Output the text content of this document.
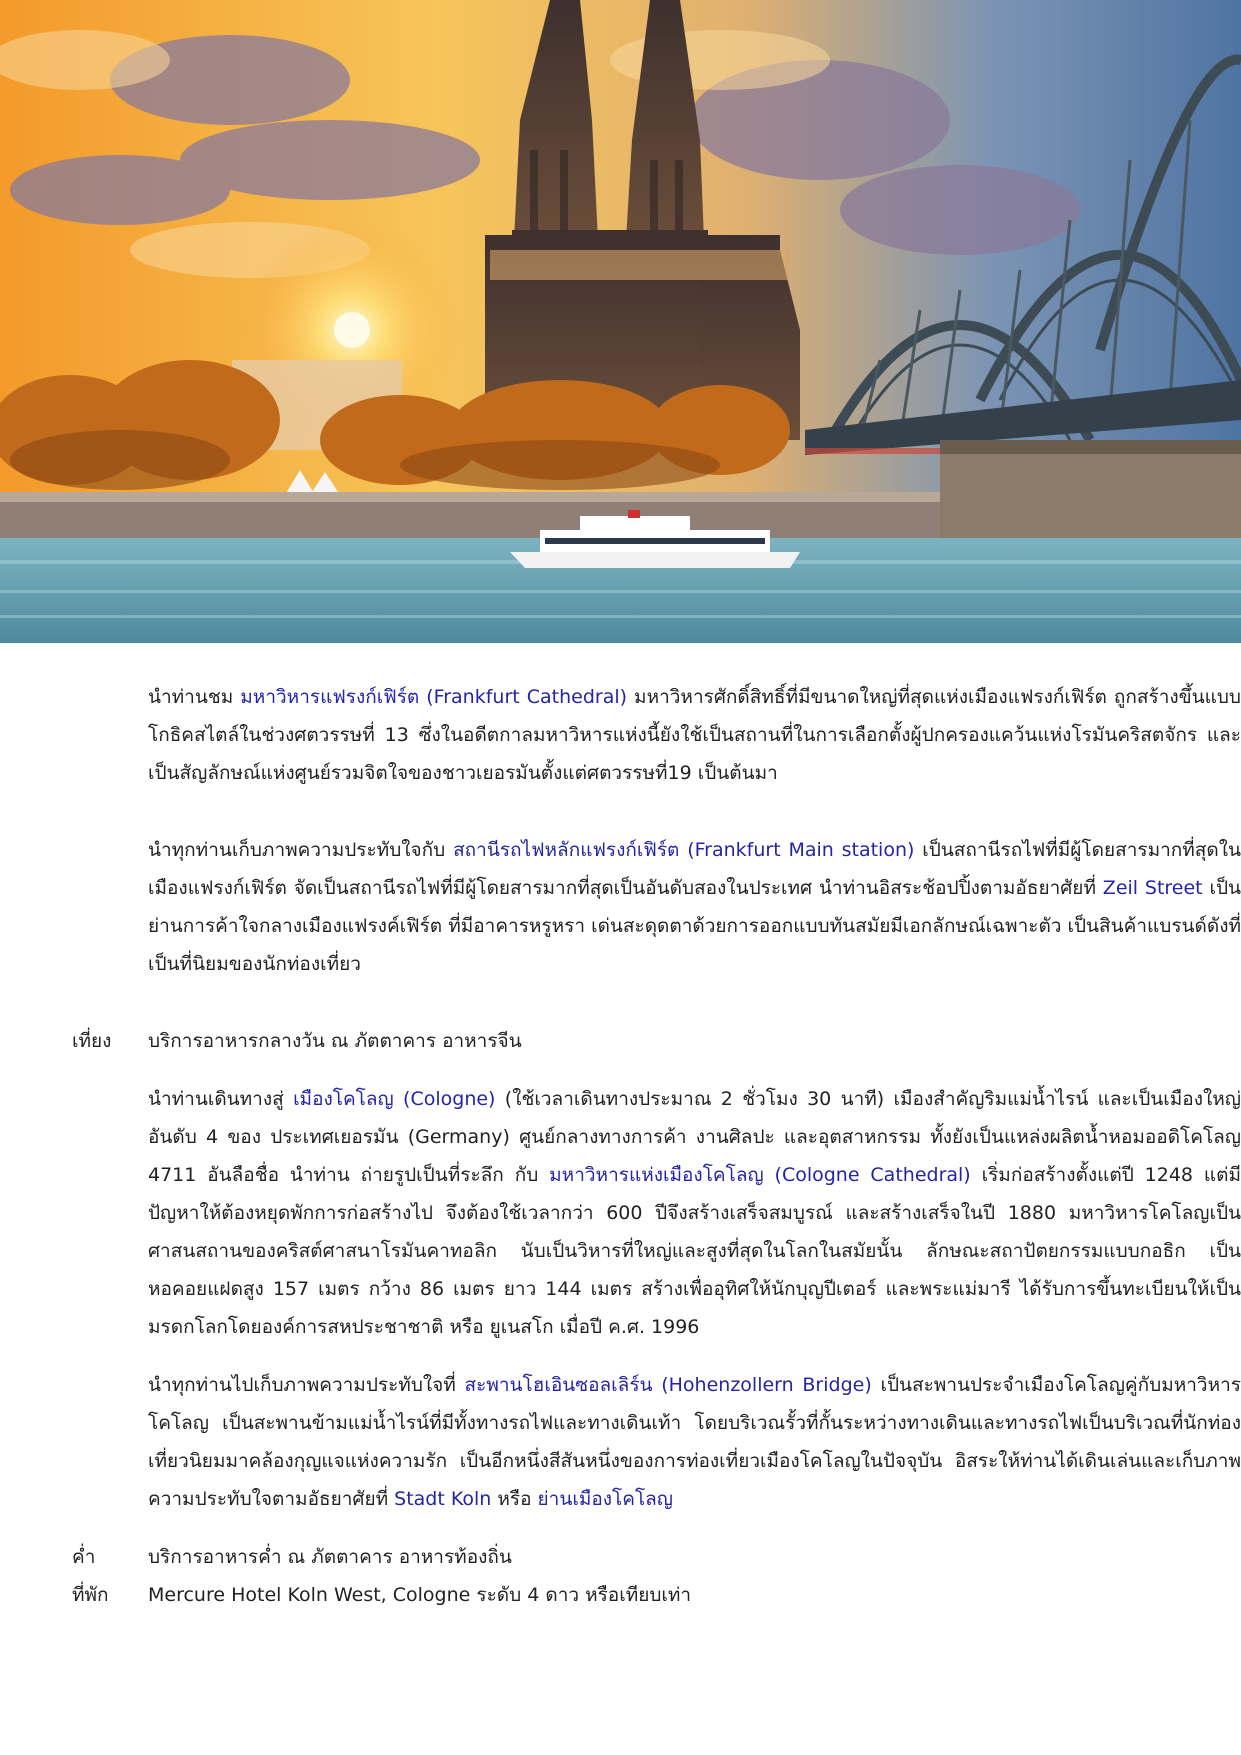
นำท่านชม มหาวิหารแฟรงก์เฟิร์ต (Frankfurt Cathedral) มหาวิหารศักดิ์สิทธิ์ที่มีขนาดใหญ่ที่สุดแห่งเมืองแฟรงก์เฟิร์ต ถูกสร้างขึ้นแบบโกธิคสไตล์ในช่วงศตวรรษที่ 13 ซึ่งในอดีตกาลมหาวิหารแห่งนี้ยังใช้เป็นสถานที่ในการเลือกตั้งผู้ปกครองแคว้นแห่งโรมันคริสตจักร และเป็นสัญลักษณ์แห่งศูนย์รวมจิตใจของชาวเยอรมันตั้งแต่ศตวรรษที่19 เป็นต้นมา

นำทุกท่านเก็บภาพความประทับใจกับ สถานีรถไฟหลักแฟรงก์เฟิร์ต (Frankfurt Main station) เป็นสถานีรถไฟที่มีผู้โดยสารมากที่สุดในเมืองแฟรงก์เฟิร์ต จัดเป็นสถานีรถไฟที่มีผู้โดยสารมากที่สุดเป็นอันดับสองในประเทศ นำท่านอิสระช้อปปิ้งตามอัธยาศัยที่ Zeil Street เป็นย่านการค้าใจกลางเมืองแฟรงค์เฟิร์ต ที่มีอาคารหรูหรา เด่นสะดุดตาด้วยการออกแบบทันสมัยมีเอกลักษณ์เฉพาะตัว เป็นสินค้าแบรนด์ดังที่เป็นที่นิยมของนักท่องเที่ยว

เที่ยง	บริการอาหารกลางวัน ณ ภัตตาคาร อาหารจีน

นำท่านเดินทางสู่ เมืองโคโลญ (Cologne) (ใช้เวลาเดินทางประมาณ 2 ชั่วโมง 30 นาที) เมืองสำคัญริมแม่น้ำไรน์ และเป็นเมืองใหญ่อันดับ 4 ของ ประเทศเยอรมัน (Germany) ศูนย์กลางทางการค้า งานศิลปะ และอุตสาหกรรม ทั้งยังเป็นแหล่งผลิตน้ำหอมออดิโคโลญ 4711 อันลือชื่อ นำท่าน ถ่ายรูปเป็นที่ระลึก กับ มหาวิหารแห่งเมืองโคโลญ (Cologne Cathedral) เริ่มก่อสร้างตั้งแต่ปี 1248 แต่มีปัญหาให้ต้องหยุดพักการก่อสร้างไป จึงต้องใช้เวลากว่า 600 ปีจึงสร้างเสร็จสมบูรณ์ และสร้างเสร็จในปี 1880 มหาวิหารโคโลญเป็นศาสนสถานของคริสต์ศาสนาโรมันคาทอลิก นับเป็นวิหารที่ใหญ่และสูงที่สุดในโลกในสมัยนั้น ลักษณะสถาปัตยกรรมแบบกอธิก เป็นหอคอยแฝดสูง 157 เมตร กว้าง 86 เมตร ยาว 144 เมตร สร้างเพื่ออุทิศให้นักบุญปีเตอร์ และพระแม่มารี ได้รับการขึ้นทะเบียนให้เป็นมรดกโลกโดยองค์การสหประชาชาติ หรือ ยูเนสโก เมื่อปี ค.ศ. 1996

นำทุกท่านไปเก็บภาพความประทับใจที่ สะพานโฮเอินซอลเลิร์น (Hohenzollern Bridge) เป็นสะพานประจำเมืองโคโลญคู่กับมหาวิหารโคโลญ เป็นสะพานข้ามแม่น้ำไรน์ที่มีทั้งทางรถไฟและทางเดินเท้า โดยบริเวณรั้วที่กั้นระหว่างทางเดินและทางรถไฟเป็นบริเวณที่นักท่องเที่ยวนิยมมาคล้องกุญแจแห่งความรัก เป็นอีกหนึ่งสีสันหนึ่งของการท่องเที่ยวเมืองโคโลญในปัจจุบัน อิสระให้ท่านได้เดินเล่นและเก็บภาพความประทับใจตามอัธยาศัยที่ Stadt Koln หรือ ย่านเมืองโคโลญ

ค่ำ	บริการอาหารค่ำ ณ ภัตตาคาร อาหารท้องถิ่น
ที่พัก	Mercure Hotel Koln West, Cologne ระดับ 4 ดาว หรือเทียบเท่า
